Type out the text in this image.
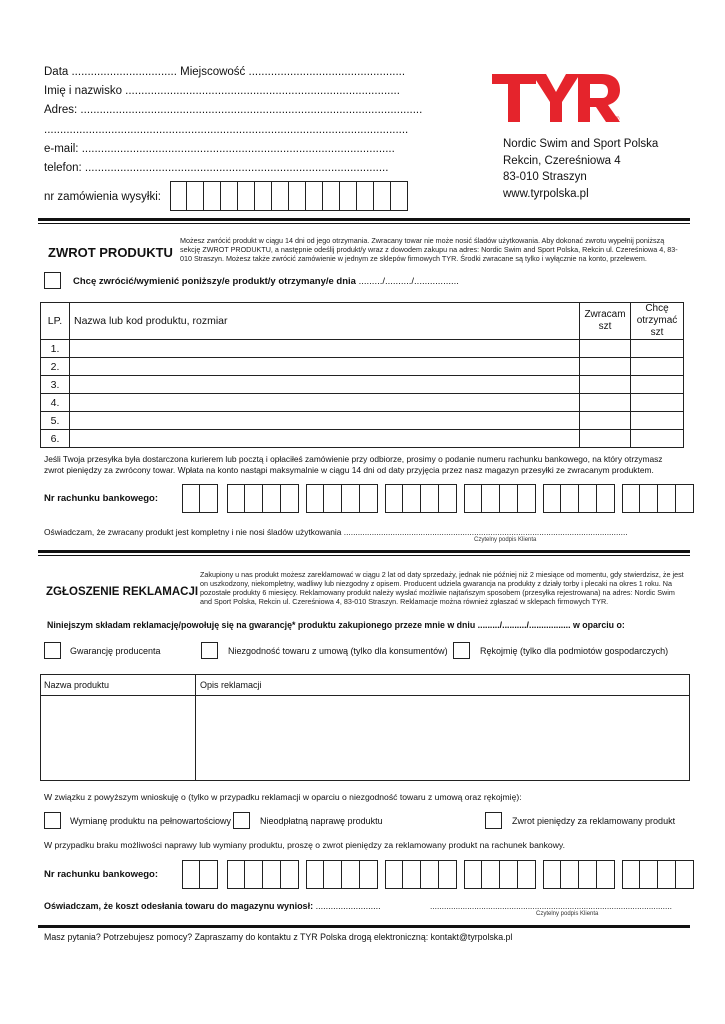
Data ................................. Miejscowość .................................................
Imię i nazwisko ......................................................................................
Adres: ...........................................................................................................
..................................................................................................................
e-mail: ..................................................................................................
telefon: ...............................................................................................
nr zamówienia wysyłki:
®
Nordic Swim and Sport Polska
Rekcin, Czereśniowa 4
83-010 Straszyn
www.tyrpolska.pl
ZWROT PRODUKTU
Możesz zwrócić produkt w ciągu 14 dni od jego otrzymania. Zwracany towar nie może nosić śladów użytkowania. Aby dokonać zwrotu wypełnij poniższą sekcję ZWROT PRODUKTU, a następnie odeślij produkt/y wraz z dowodem zakupu na adres: Nordic Swim and Sport Polska, Rekcin ul. Czereśniowa 4, 83-010 Straszyn. Możesz także zwrócić zamówienie w jednym ze sklepów firmowych TYR. Środki zwracane są tylko i wyłącznie na konto, przelewem.
Chcę zwrócić/wymienić poniższy/e produkt/y otrzymany/e dnia ........./........../.................
LP.	Nazwa lub kod produktu, rozmiar	Zwracam szt	Chcę otrzymać szt
1.			
2.			
3.			
4.			
5.			
6.			
Jeśli Twoja przesyłka była dostarczona kurierem lub pocztą i opłaciłeś zamówienie przy odbiorze, prosimy o podanie numeru rachunku bankowego, na który otrzymasz zwrot pieniędzy za zwrócony towar. Wpłata na konto nastąpi maksymalnie w ciągu 14 dni od daty przyjęcia przez nasz magazyn przesyłki ze zwracanym produktem.
Nr rachunku bankowego:
Oświadczam, że zwracany produkt jest kompletny i nie nosi śladów użytkowania ..........................................................................................................................
Czytelny podpis Klienta
ZGŁOSZENIE REKLAMACJI
Zakupiony u nas produkt możesz zareklamować w ciągu 2 lat od daty sprzedaży, jednak nie później niż 2 miesiące od momentu, gdy stwierdzisz, że jest on uszkodzony, niekompletny, wadliwy lub niezgodny z opisem. Producent udziela gwarancja na produkty z działy torby i plecaki na okres 1 roku. Na pozostałe produkty 6 miesięcy. Reklamowany produkt należy wysłać możliwie najtańszym sposobem (przesyłka rejestrowana) na adres: Nordic Swim and Sport Polska, Rekcin ul. Czereśniowa 4, 83-010 Straszyn. Reklamacje można również zgłaszać w sklepach firmowych TYR.
Niniejszym składam reklamację/powołuję się na gwarancję* produktu zakupionego przeze mnie w dniu ........./........../................. w oparciu o:
Gwarancję producenta	Niezgodność towaru z umową (tylko dla konsumentów)	Rękojmię (tylko dla podmiotów gospodarczych)
Nazwa produktu	Opis reklamacji
W związku z powyższym wnioskuję o (tylko w przypadku reklamacji w oparciu o niezgodność towaru z umową oraz rękojmię):
Wymianę produktu na pełnowartościowy	Nieodpłatną naprawę produktu	Zwrot pieniędzy za reklamowany produkt
W przypadku braku możliwości naprawy lub wymiany produktu, proszę o zwrot pieniędzy za reklamowany produkt na rachunek bankowy.
Nr rachunku bankowego:
Oświadczam, że koszt odesłania towaru do magazynu wyniosł: ..........................	........................................................................................................
Czytelny podpis Klienta
Masz pytania? Potrzebujesz pomocy? Zapraszamy do kontaktu z TYR Polska drogą elektroniczną: kontakt@tyrpolska.pl
